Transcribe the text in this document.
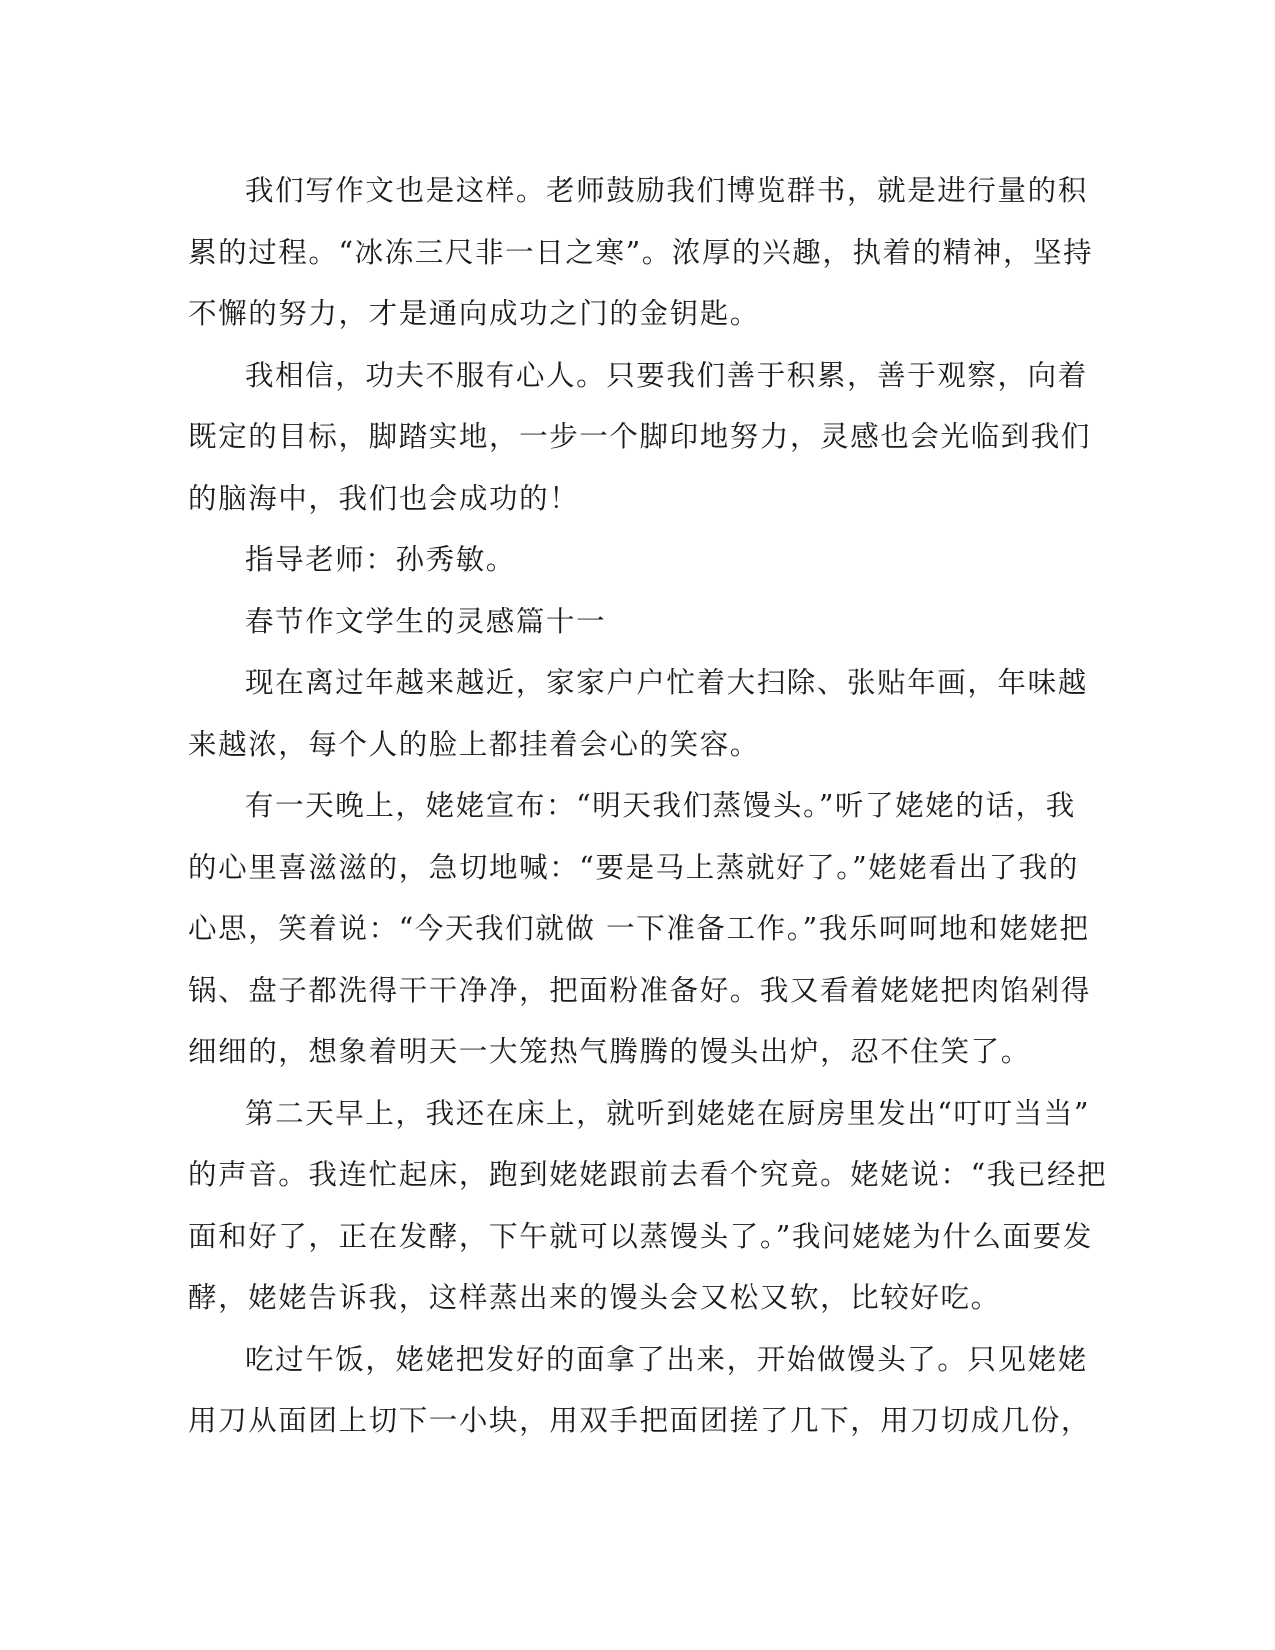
我们写作文也是这样。老师鼓励我们博览群书，就是进行量的积
累的过程。“冰冻三尺非一日之寒”。浓厚的兴趣，执着的精神，坚持
不懈的努力，才是通向成功之门的金钥匙。
我相信，功夫不服有心人。只要我们善于积累，善于观察，向着
既定的目标，脚踏实地，一步一个脚印地努力，灵感也会光临到我们
的脑海中，我们也会成功的！
指导老师：孙秀敏。
春节作文学生的灵感篇十一
现在离过年越来越近，家家户户忙着大扫除、张贴年画，年味越
来越浓，每个人的脸上都挂着会心的笑容。
有一天晚上，姥姥宣布：“明天我们蒸馒头。”听了姥姥的话，我
的心里喜滋滋的，急切地喊：“要是马上蒸就好了。”姥姥看出了我的
心思，笑着说：“今天我们就做 一下准备工作。”我乐呵呵地和姥姥把
锅、盘子都洗得干干净净，把面粉准备好。我又看着姥姥把肉馅剁得
细细的，想象着明天一大笼热气腾腾的馒头出炉，忍不住笑了。
第二天早上，我还在床上，就听到姥姥在厨房里发出“叮叮当当”
的声音。我连忙起床，跑到姥姥跟前去看个究竟。姥姥说：“我已经把
面和好了，正在发酵，下午就可以蒸馒头了。”我问姥姥为什么面要发
酵，姥姥告诉我，这样蒸出来的馒头会又松又软，比较好吃。
吃过午饭，姥姥把发好的面拿了出来，开始做馒头了。只见姥姥
用刀从面团上切下一小块，用双手把面团搓了几下，用刀切成几份，
